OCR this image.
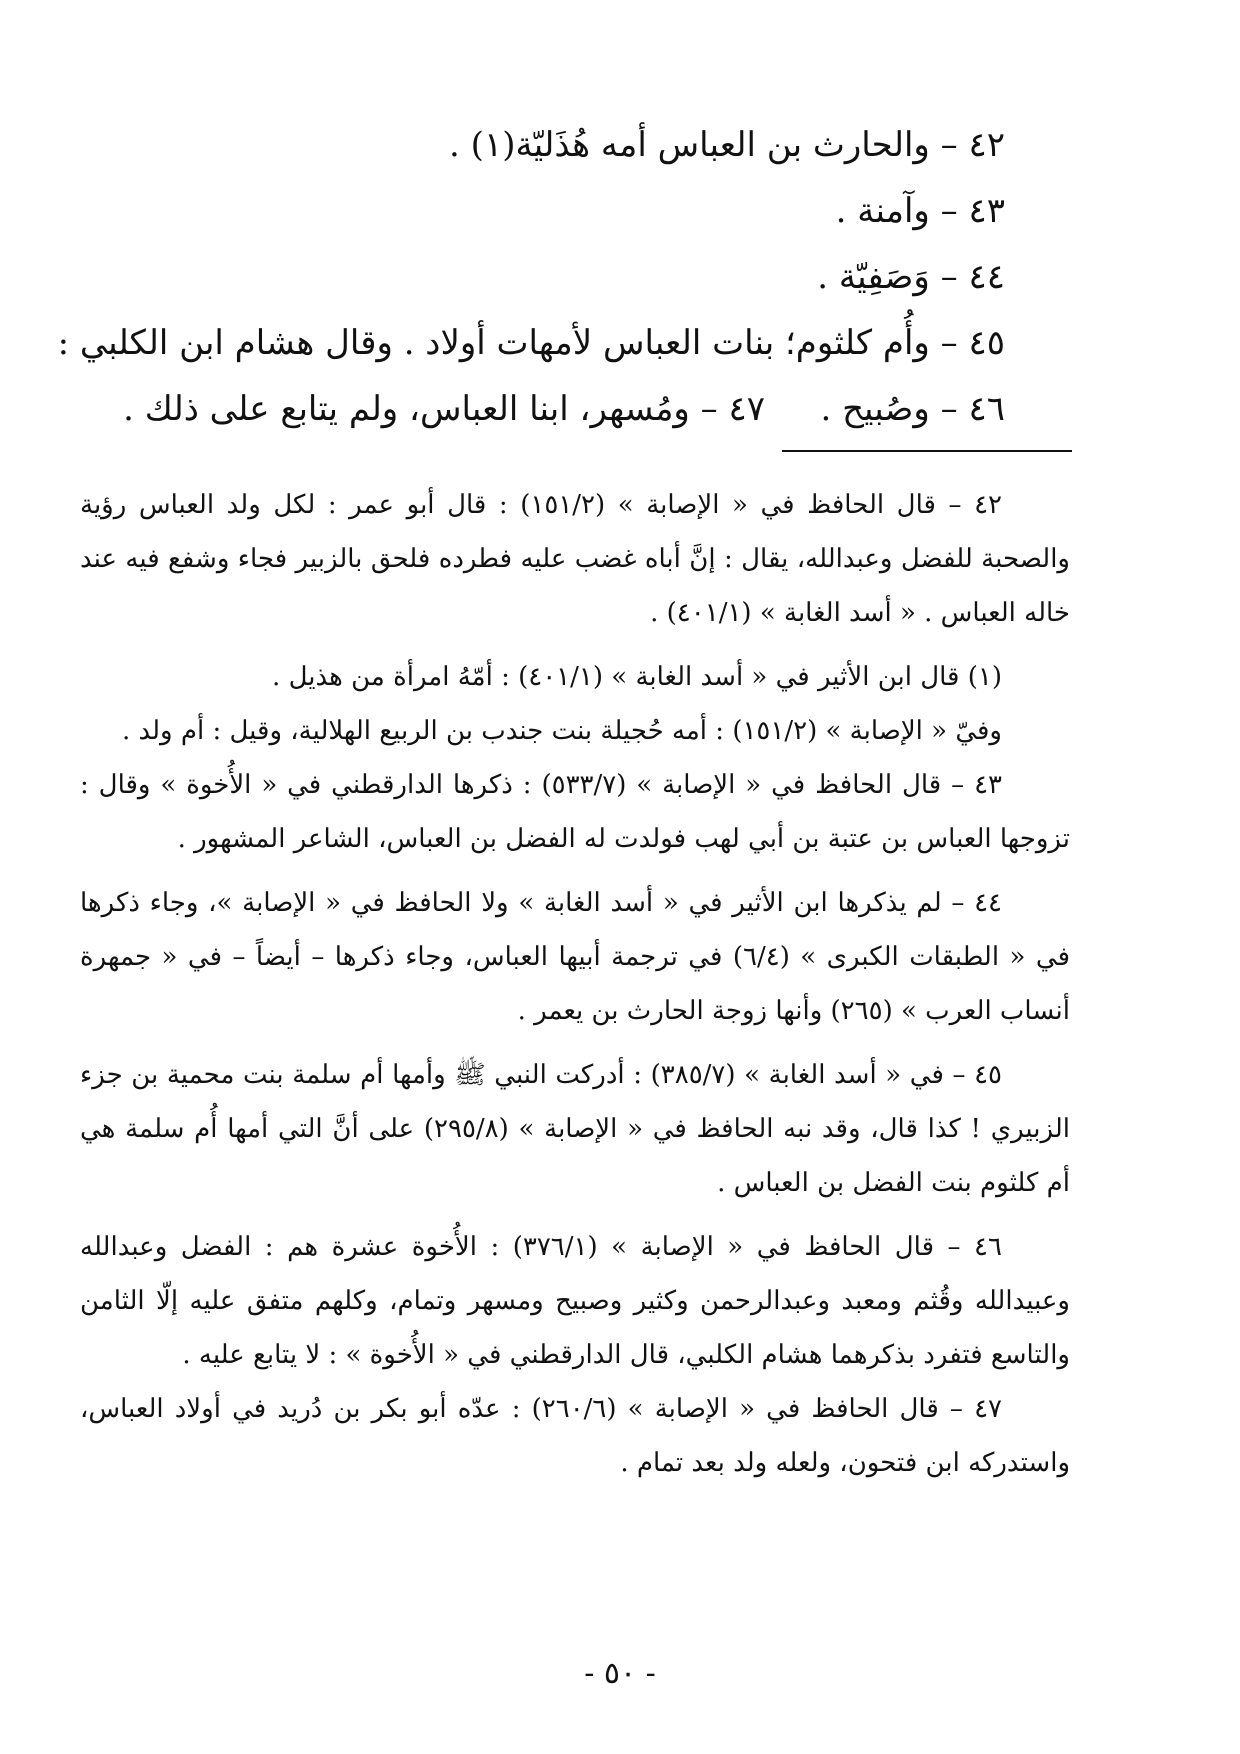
٤٢ – والحارث بن العباس أمه هُذَليّة(١) .
٤٣ – وآمنة .
٤٤ – وَصَفِيّة .
٤٥ – وأُم كلثوم؛ بنات العباس لأمهات أولاد . وقال هشام ابن الكلبي :
٤٦ – وصُبيح .
٤٧ – ومُسهر، ابنا العباس، ولم يتابع على ذلك .

٤٢ – قال الحافظ في « الإصابة » (١٥١/٢) : قال أبو عمر : لكل ولد العباس رؤية والصحبة للفضل وعبدالله، يقال : إنَّ أباه غضب عليه فطرده فلحق بالزبير فجاء وشفع فيه عند خاله العباس . « أسد الغابة » (٤٠١/١) .

(١) قال ابن الأثير في « أسد الغابة » (٤٠١/١) : أمّهُ امرأة من هذيل .

وفيّ « الإصابة » (١٥١/٢) : أمه حُجيلة بنت جندب بن الربيع الهلالية، وقيل : أم ولد .

٤٣ – قال الحافظ في « الإصابة » (٥٣٣/٧) : ذكرها الدارقطني في « الأُخوة » وقال : تزوجها العباس بن عتبة بن أبي لهب فولدت له الفضل بن العباس، الشاعر المشهور .

٤٤ – لم يذكرها ابن الأثير في « أسد الغابة » ولا الحافظ في « الإصابة »، وجاء ذكرها في « الطبقات الكبرى » (٦/٤) في ترجمة أبيها العباس، وجاء ذكرها – أيضاً – في « جمهرة أنساب العرب » (٢٦٥) وأنها زوجة الحارث بن يعمر .

٤٥ – في « أسد الغابة » (٣٨٥/٧) : أدركت النبي ﷺ وأمها أم سلمة بنت محمية بن جزء الزبيري ! كذا قال، وقد نبه الحافظ في « الإصابة » (٢٩٥/٨) على أنَّ التي أمها أُم سلمة هي أم كلثوم بنت الفضل بن العباس .

٤٦ – قال الحافظ في « الإصابة » (٣٧٦/١) : الأُخوة عشرة هم : الفضل وعبدالله وعبيدالله وقُثم ومعبد وعبدالرحمن وكثير وصبيح ومسهر وتمام، وكلهم متفق عليه إلّا الثامن والتاسع فتفرد بذكرهما هشام الكلبي، قال الدارقطني في « الأُخوة » : لا يتابع عليه .

٤٧ – قال الحافظ في « الإصابة » (٢٦٠/٦) : عدّه أبو بكر بن دُريد في أولاد العباس، واستدركه ابن فتحون، ولعله ولد بعد تمام .

- ٥٠ -
